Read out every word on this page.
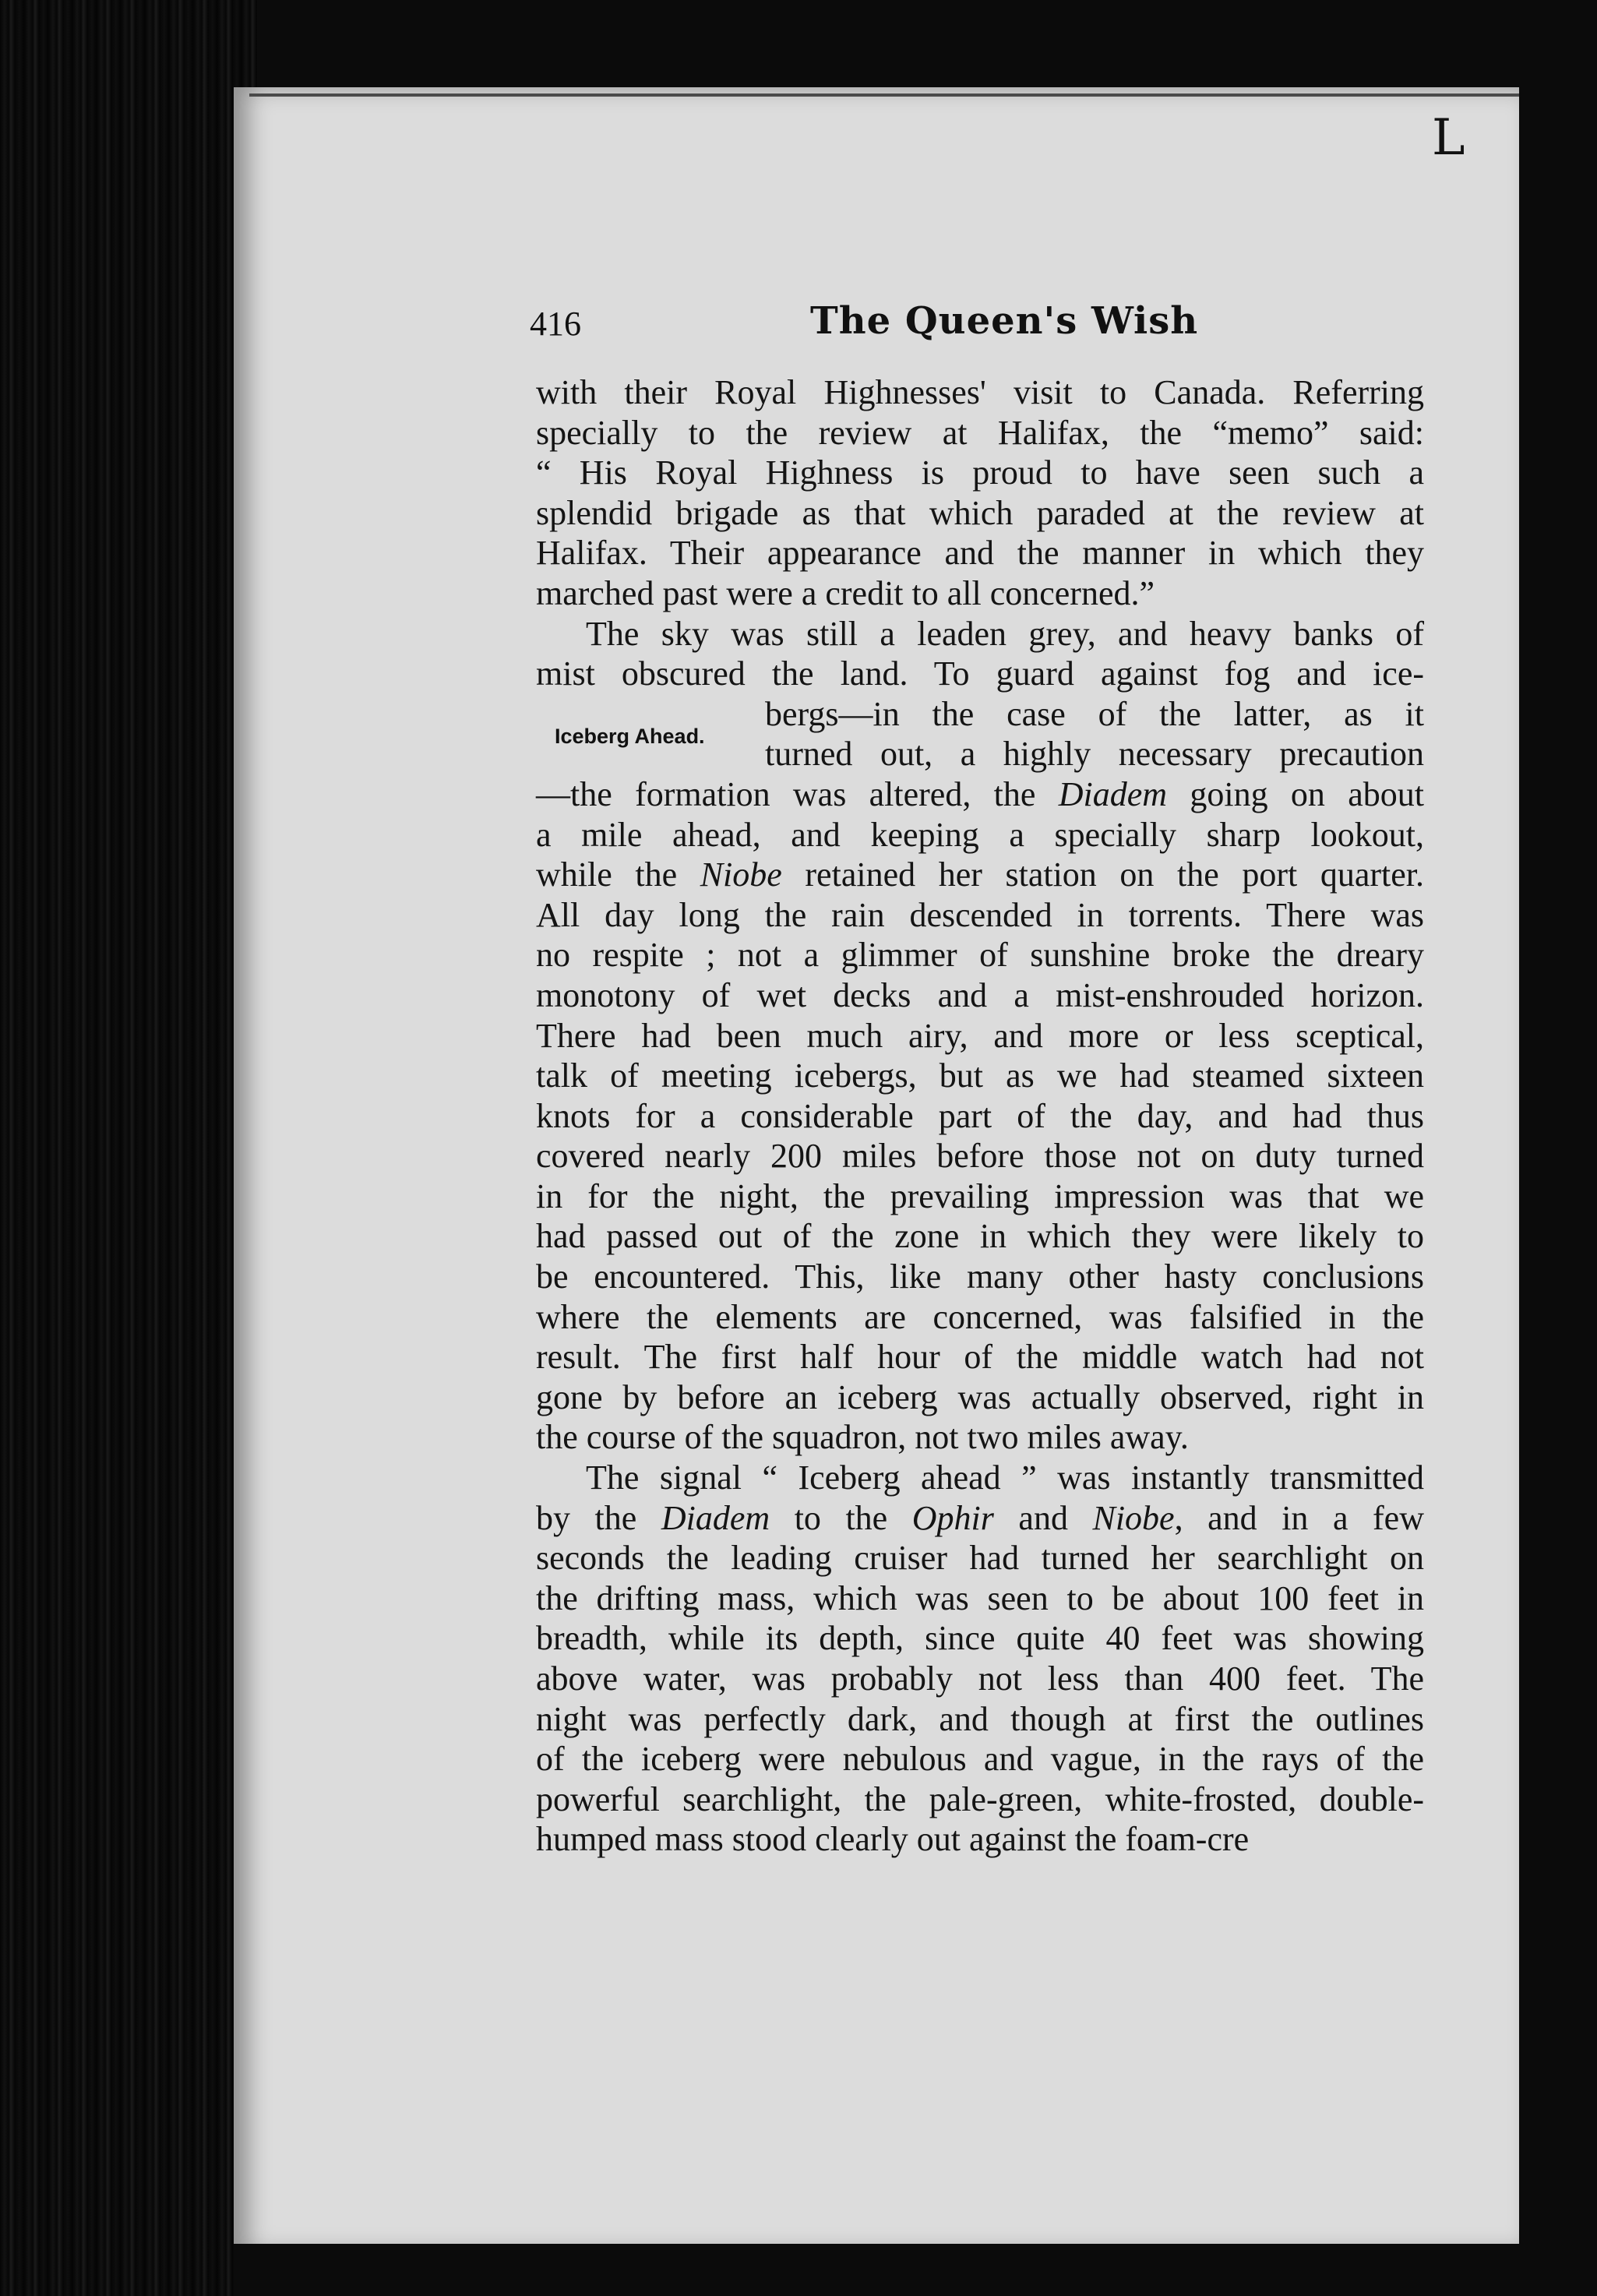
L
416	The Queen's Wish
Iceberg Ahead.

with their Royal Highnesses' visit to Canada. Referring
specially to the review at Halifax, the “memo” said:
“ His Royal Highness is proud to have seen such a
splendid brigade as that which paraded at the review at
Halifax. Their appearance and the manner in which they
marched past were a credit to all concerned.”

The sky was still a leaden grey, and heavy banks of
mist obscured the land. To guard against fog and ice-
bergs—in the case of the latter, as it
turned out, a highly necessary precaution
—the formation was altered, the Diadem going on about
a mile ahead, and keeping a specially sharp lookout,
while the Niobe retained her station on the port quarter.
All day long the rain descended in torrents. There was
no respite ; not a glimmer of sunshine broke the dreary
monotony of wet decks and a mist-enshrouded horizon.
There had been much airy, and more or less sceptical,
talk of meeting icebergs, but as we had steamed sixteen
knots for a considerable part of the day, and had thus
covered nearly 200 miles before those not on duty turned
in for the night, the prevailing impression was that we
had passed out of the zone in which they were likely to
be encountered. This, like many other hasty conclusions
where the elements are concerned, was falsified in the
result. The first half hour of the middle watch had not
gone by before an iceberg was actually observed, right in
the course of the squadron, not two miles away.

The signal “ Iceberg ahead ” was instantly transmitted
by the Diadem to the Ophir and Niobe, and in a few
seconds the leading cruiser had turned her searchlight on
the drifting mass, which was seen to be about 100 feet in
breadth, while its depth, since quite 40 feet was showing
above water, was probably not less than 400 feet. The
night was perfectly dark, and though at first the outlines
of the iceberg were nebulous and vague, in the rays of the
powerful searchlight, the pale-green, white-frosted, double-
humped mass stood clearly out against the foam-cre
